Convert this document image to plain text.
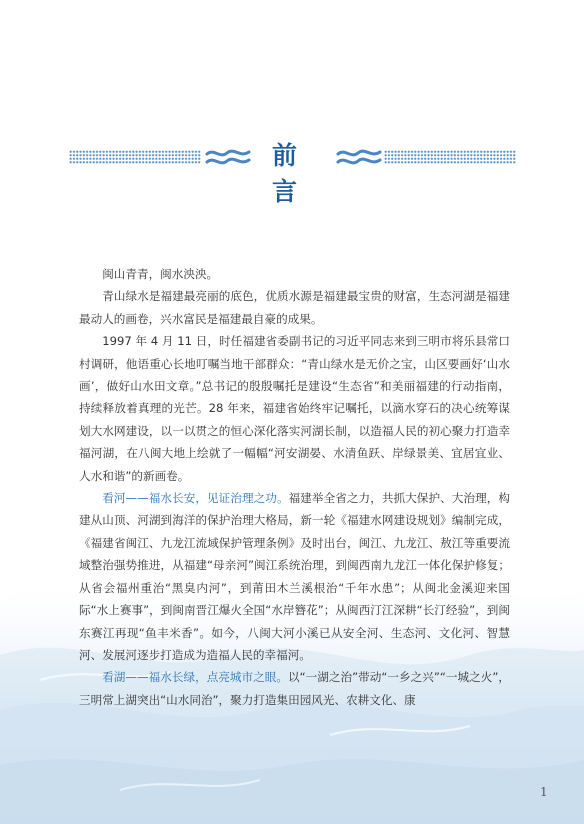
前 言

闽山青青，闽水泱泱。

青山绿水是福建最亮丽的底色，优质水源是福建最宝贵的财富，生态河湖是福建最动人的画卷，兴水富民是福建最自豪的成果。

1997 年 4 月 11 日，时任福建省委副书记的习近平同志来到三明市将乐县常口村调研，他语重心长地叮嘱当地干部群众：“青山绿水是无价之宝，山区要画好‘山水画’，做好山水田文章。”总书记的殷殷嘱托是建设“生态省”和美丽福建的行动指南，持续释放着真理的光芒。28 年来，福建省始终牢记嘱托，以滴水穿石的决心统筹谋划大水网建设，以一以贯之的恒心深化落实河湖长制，以造福人民的初心聚力打造幸福河湖，在八闽大地上绘就了一幅幅“河安湖晏、水清鱼跃、岸绿景美、宜居宜业、人水和谐”的新画卷。

看河——福水长安，见证治理之功。福建举全省之力，共抓大保护、大治理，构建从山顶、河湖到海洋的保护治理大格局，新一轮《福建水网建设规划》编制完成，《福建省闽江、九龙江流域保护管理条例》及时出台，闽江、九龙江、敖江等重要流域整治强势推进，从福建“母亲河”闽江系统治理，到闽西南九龙江一体化保护修复；从省会福州重治“黑臭内河”，到莆田木兰溪根治“千年水患”；从闽北金溪迎来国际“水上赛事”，到闽南晋江爆火全国“水岸簪花”；从闽西汀江深耕“长汀经验”，到闽东赛江再现“鱼丰米香”。如今，八闽大河小溪已从安全河、生态河、文化河、智慧河、发展河逐步打造成为造福人民的幸福河。

看湖——福水长绿，点亮城市之眼。以“一湖之治”带动“一乡之兴”“一城之火”，三明常上湖突出“山水同治”，聚力打造集田园风光、农耕文化、康

1
